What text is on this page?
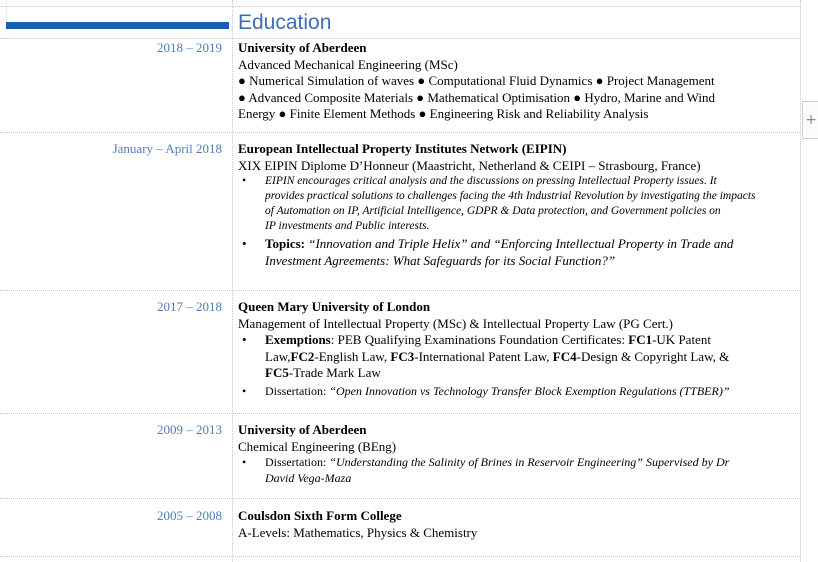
Education
2018 – 2019 University of Aberdeen
Advanced Mechanical Engineering (MSc)
● Numerical Simulation of waves ● Computational Fluid Dynamics ● Project Management
● Advanced Composite Materials ● Mathematical Optimisation ● Hydro, Marine and Wind
Energy ● Finite Element Methods ● Engineering Risk and Reliability Analysis
January – April 2018 European Intellectual Property Institutes Network (EIPIN)
XIX EIPIN Diplome D’Honneur (Maastricht, Netherland & CEIPI – Strasbourg, France)
• EIPIN encourages critical analysis and the discussions on pressing Intellectual Property issues. It
provides practical solutions to challenges facing the 4th Industrial Revolution by investigating the impacts
of Automation on IP, Artificial Intelligence, GDPR & Data protection, and Government policies on
IP investments and Public interests.
• Topics: “Innovation and Triple Helix” and “Enforcing Intellectual Property in Trade and
Investment Agreements: What Safeguards for its Social Function?”
2017 – 2018 Queen Mary University of London
Management of Intellectual Property (MSc) & Intellectual Property Law (PG Cert.)
• Exemptions: PEB Qualifying Examinations Foundation Certificates: FC1-UK Patent
Law,FC2-English Law, FC3-International Patent Law, FC4-Design & Copyright Law, &
FC5-Trade Mark Law
• Dissertation: “Open Innovation vs Technology Transfer Block Exemption Regulations (TTBER)”
2009 – 2013 University of Aberdeen
Chemical Engineering (BEng)
• Dissertation: “Understanding the Salinity of Brines in Reservoir Engineering” Supervised by Dr
David Vega-Maza
2005 – 2008 Coulsdon Sixth Form College
A-Levels: Mathematics, Physics & Chemistry
+
